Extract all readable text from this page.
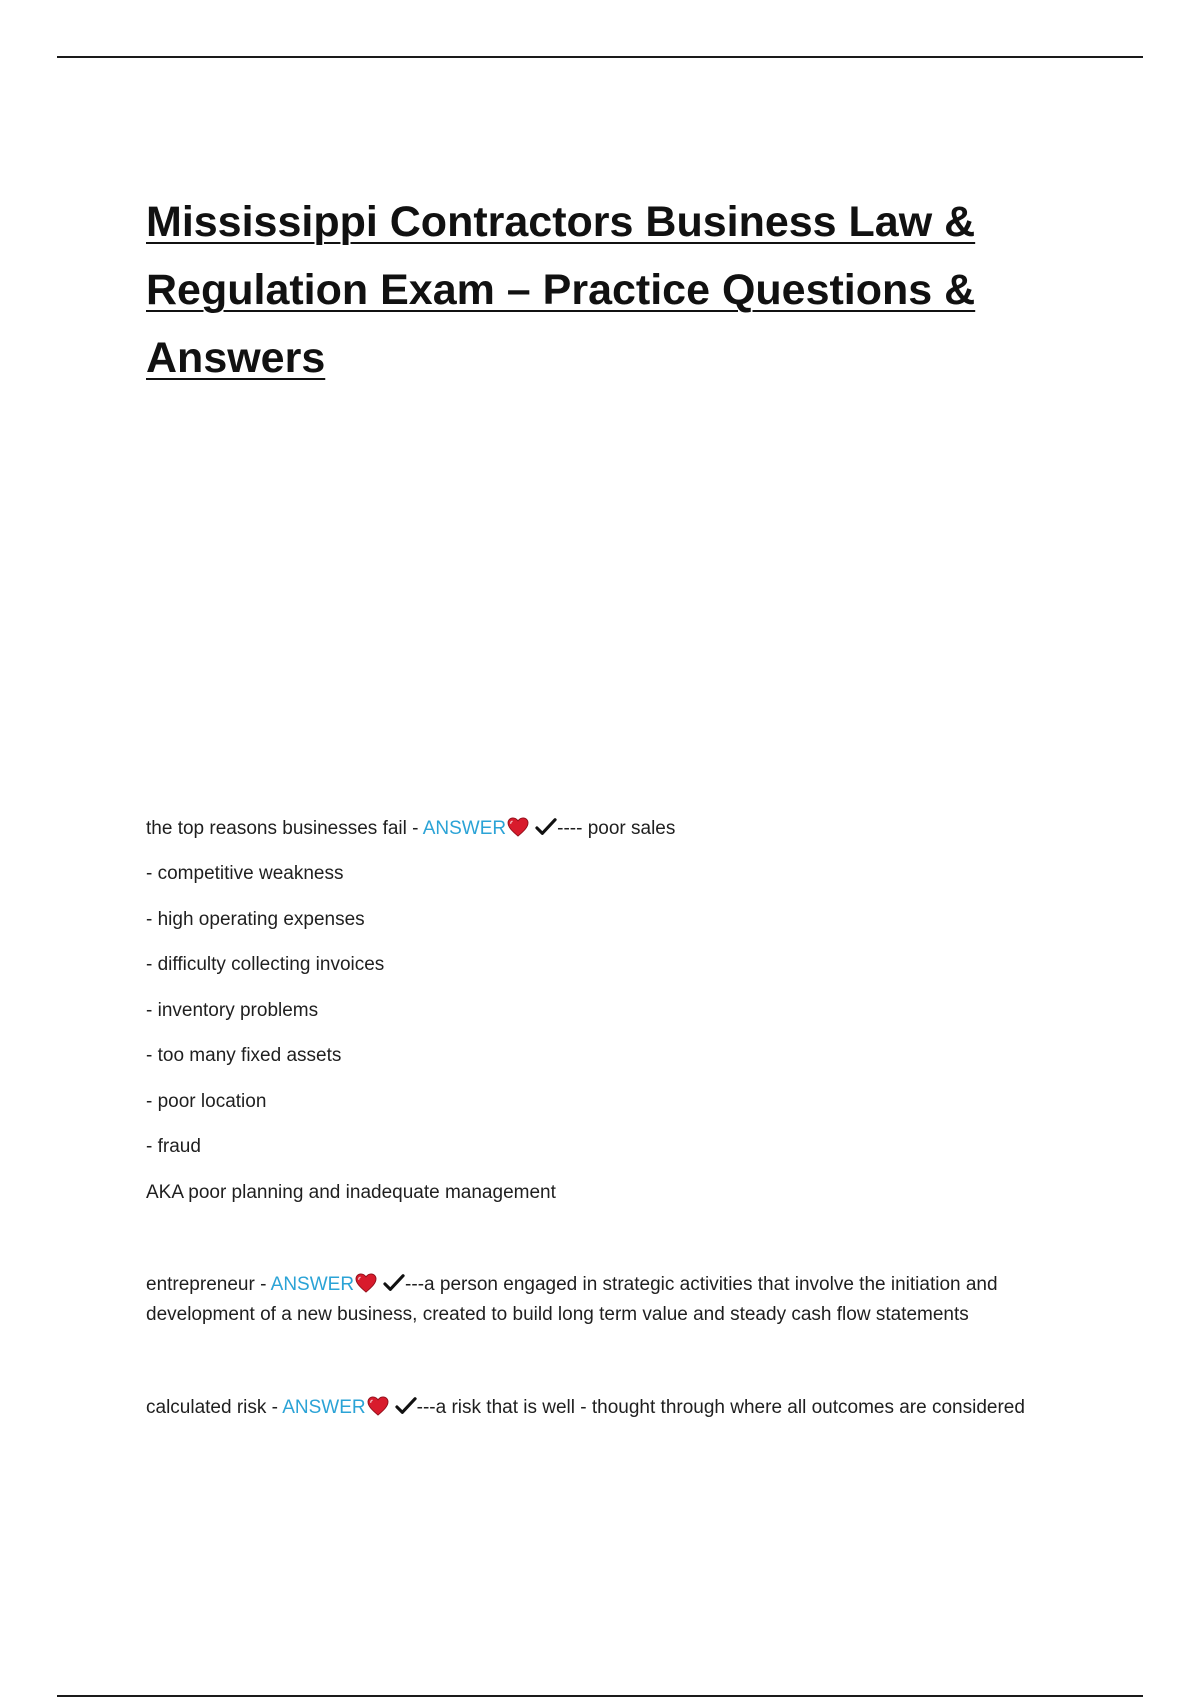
Mississippi Contractors Business Law & Regulation Exam – Practice Questions & Answers
the top reasons businesses fail - ANSWER	---- poor sales
- competitive weakness
- high operating expenses
- difficulty collecting invoices
- inventory problems
- too many fixed assets
- poor location
- fraud
AKA poor planning and inadequate management
entrepreneur - ANSWER	---a person engaged in strategic activities that involve the initiation and development of a new business, created to build long term value and steady cash flow statements
calculated risk - ANSWER	---a risk that is well - thought through where all outcomes are considered
